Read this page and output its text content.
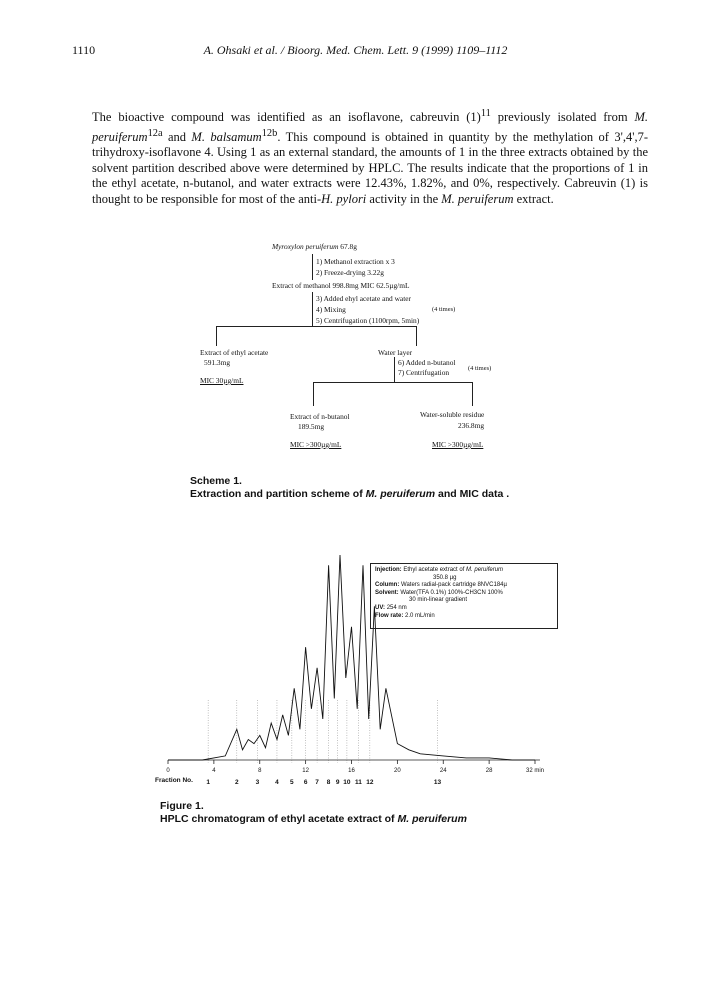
1110	A. Ohsaki et al. / Bioorg. Med. Chem. Lett. 9 (1999) 1109–1112

The bioactive compound was identified as an isoflavone, cabreuvin $(1)^{11}$ previously isolated from M. peruiferum$^{12a}$ and M. balsamum$^{12b}$. This compound is obtained in quantity by the methylation of 3',4',7-trihydroxy-isoflavone 4. Using 1 as an external standard, the amounts of 1 in the three extracts obtained by the solvent partition described above were determined by HPLC. The results indicate that the proportions of 1 in the ethyl acetate, n-butanol, and water extracts were 12.43%, 1.82%, and 0%, respectively. Cabreuvin (1) is thought to be responsible for most of the anti-H. pylori activity in the M. peruiferum extract.

Myroxylon peruiferum 67.8g
1) Methanol extraction x 3
2) Freeze-drying 3.22g
Extract of methanol 998.8mg MIC 62.5µg/mL
3) Added ehyl acetate and water
4) Mixing	(4 times)
5) Centrifugation (1100rpm, 5min)
Extract of ethyl acetate
591.3mg
MIC 30µg/mL
Water layer
6) Added n-butanol
7) Centrifugation	(4 times)
Extract of n-butanol
189.5mg
MIC >300µg/mL
Water-soluble residue
236.8mg
MIC >300µg/mL
Scheme 1.
Extraction and partition scheme of M. peruiferum and MIC data .
0	4	8	12	16	20	24	28	32 min
1	2	3 4 5 6 7 8 9 10 11 12	13
Injection: Ethyl acetate extract of M. peruiferum
350.8 µg
Column: Waters radial-pack cartridge 8NVC184µ
Solvent: Water(TFA 0.1%) 100%-CH3CN 100%
30 min-linear gradient
UV: 254 nm
Flow rate: 2.0 mL/min
Fraction No.
Figure 1.
HPLC chromatogram of ethyl acetate extract of M. peruiferum
